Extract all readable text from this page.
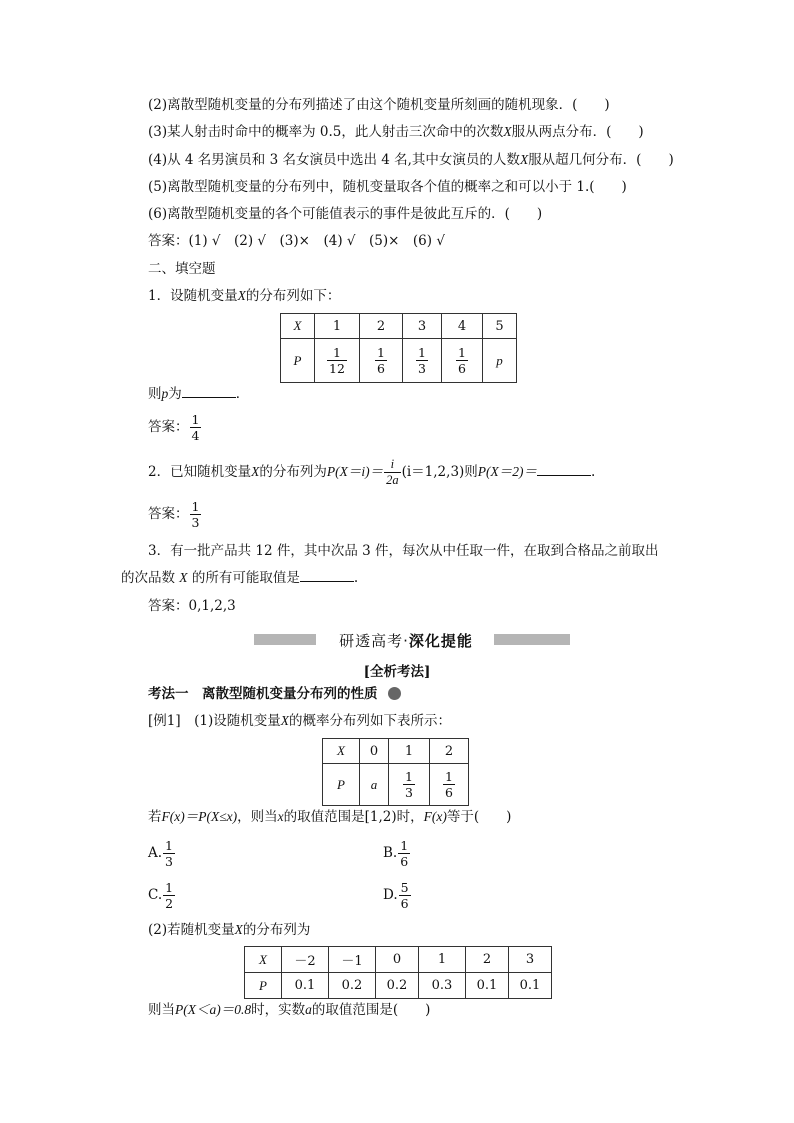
(2)离散型随机变量的分布列描述了由这个随机变量所刻画的随机现象．(　　)
(3)某人射击时命中的概率为 0.5，此人射击三次命中的次数X服从两点分布．(　　)
(4)从 4 名男演员和 3 名女演员中选出 4 名,其中女演员的人数X服从超几何分布．(　　)
(5)离散型随机变量的分布列中，随机变量取各个值的概率之和可以小于 1.(　　)
(6)离散型随机变量的各个可能值表示的事件是彼此互斥的．(　　)
答案：(1) √　(2) √　(3)×　(4) √　(5)×　(6) √
二、填空题
1．设随机变量X的分布列如下：
X	1	2	3	4	5
P	$\frac{1}{12}$	$\frac{1}{6}$	$\frac{1}{3}$	$\frac{1}{6}$	p
则p为	．
答案： $\frac{1}{4}$
2．已知随机变量X的分布列为$P(X=i)= \frac{i}{2a} (i=1,2,3)$则P(X＝2)＝	.
答案： $\frac{1}{3}$
3．有一批产品共 12 件，其中次品 3 件，每次从中任取一件，在取到合格品之前取出
的次品数 X 的所有可能取值是	.
答案：0,1,2,3
研透高考·深化提能
[全析考法]
考法一　离散型随机变量分布列的性质
[例1]　(1)设随机变量X的概率分布列如下表所示：
X	0	1	2
P	a	$\frac{1}{3}$	$\frac{1}{6}$
若F(x)＝P(X≤x)，则当x的取值范围是[1,2)时，F(x)等于(　　)
A. $\frac{1}{3}$	B. $\frac{1}{6}$
C. $\frac{1}{2}$	D. $\frac{5}{6}$
(2)若随机变量X的分布列为
X	－2	－1	0	1	2	3
P	0.1	0.2	0.2	0.3	0.1	0.1
则当P(X＜a)＝0.8时，实数a的取值范围是(　　)
